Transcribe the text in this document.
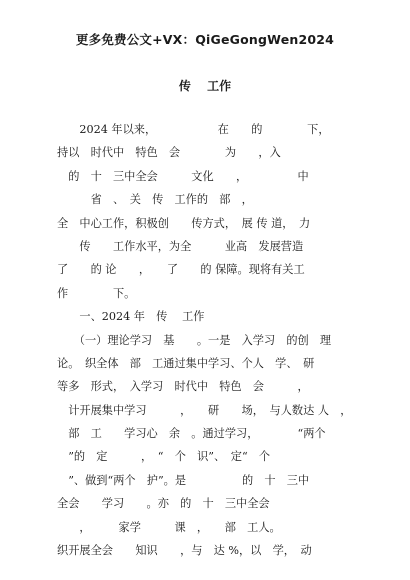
更多免费公文+VX：QiGeGongWen2024
传　 工作
　　2024 年以来，　　　　　　在　　的　　　　下，
持以　时代中　特色　会　　　　为　　，入
　的　十　三中全会　　　文化　　，　　　　　中
　　　省　、　关　传　工作的　部　，
全　中心工作，积极创　　传方式，　展 传 道，　力
　　传　　工作水平，为全　　　业高　发展营造
了　　的 论　　，　　了　　的 保障。现将有关工
作　　　　下。
　　一、2024 年　传　 工作
　　（一）理论学习　基　　。一是　入学习　的创　理
论。　织全体　部　工通过集中学习、个人　学、　研
等多　形式，　入学习　时代中　特色　会　　　，
　计开展集中学习　　　，　　研　　场，　与人数达 人　，
　部　工　　学习心　余　。通过学习，　　　　“两个
　”的　定　　　，　“　个　识”、　定“　个
　”、做到“两个　护”。是　　　　　的　十　三中
全会　　学习　　。亦　的　十　三中全会
　　，　　　家学　　　课　，　　部　工人。
织开展全会　　知识　　，与　达 %，以　学，　动
